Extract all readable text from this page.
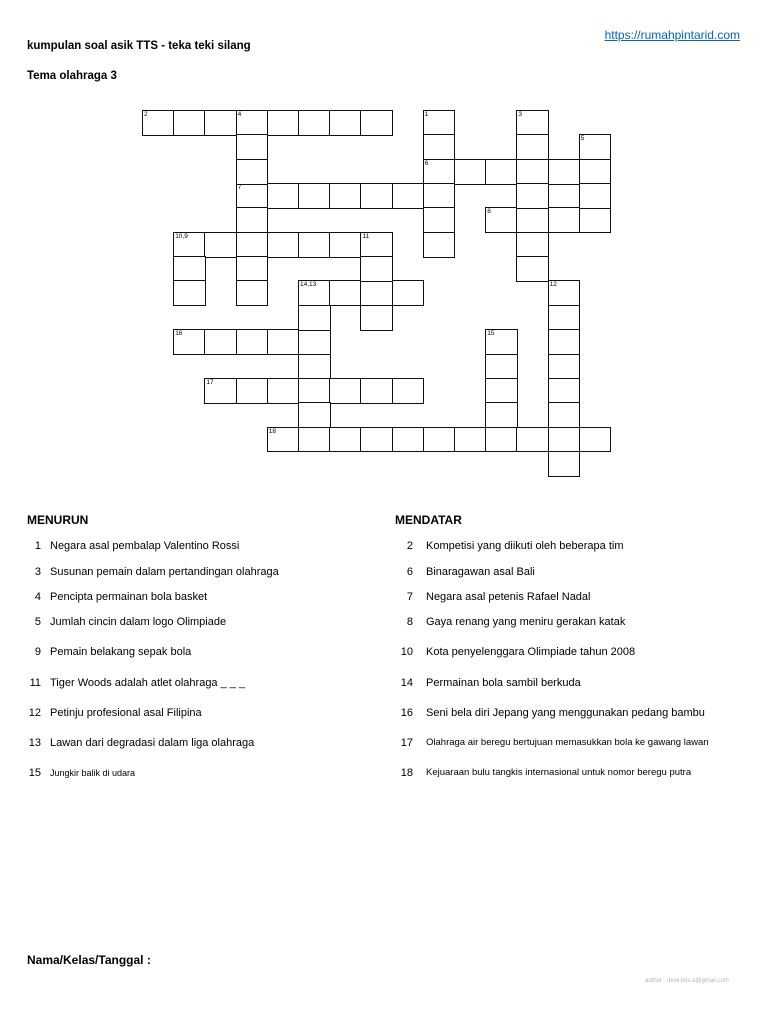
kumpulan soal asik TTS - teka teki silang
https://rumahpintarid.com
Tema olahraga 3
2	4
6
7
8
10,9	11
14,13
16
17
18
1	3
5
12
15
MENURUN
1 Negara asal pembalap Valentino Rossi
3 Susunan pemain dalam pertandingan olahraga
4 Pencipta permainan bola basket
5 Jumlah cincin dalam logo Olimpiade
9 Pemain belakang sepak bola
11 Tiger Woods adalah atlet olahraga _ _ _
12 Petinju profesional asal Filipina
13 Lawan dari degradasi dalam liga olahraga
15 Jungkir balik di udara
MENDATAR
2 Kompetisi yang diikuti oleh beberapa tim
6 Binaragawan asal Bali
7 Negara asal petenis Rafael Nadal
8 Gaya renang yang meniru gerakan katak
10 Kota penyelenggara Olimpiade tahun 2008
14 Permainan bola sambil berkuda
16 Seni bela diri Jepang yang menggunakan pedang bambu
17 Olahraga air beregu bertujuan memasukkan bola ke gawang lawan
18 Kejuaraan bulu tangkis internasional untuk nomor beregu putra
Nama/Kelas/Tanggal :
author : dewi.kris.a@gmail.com
